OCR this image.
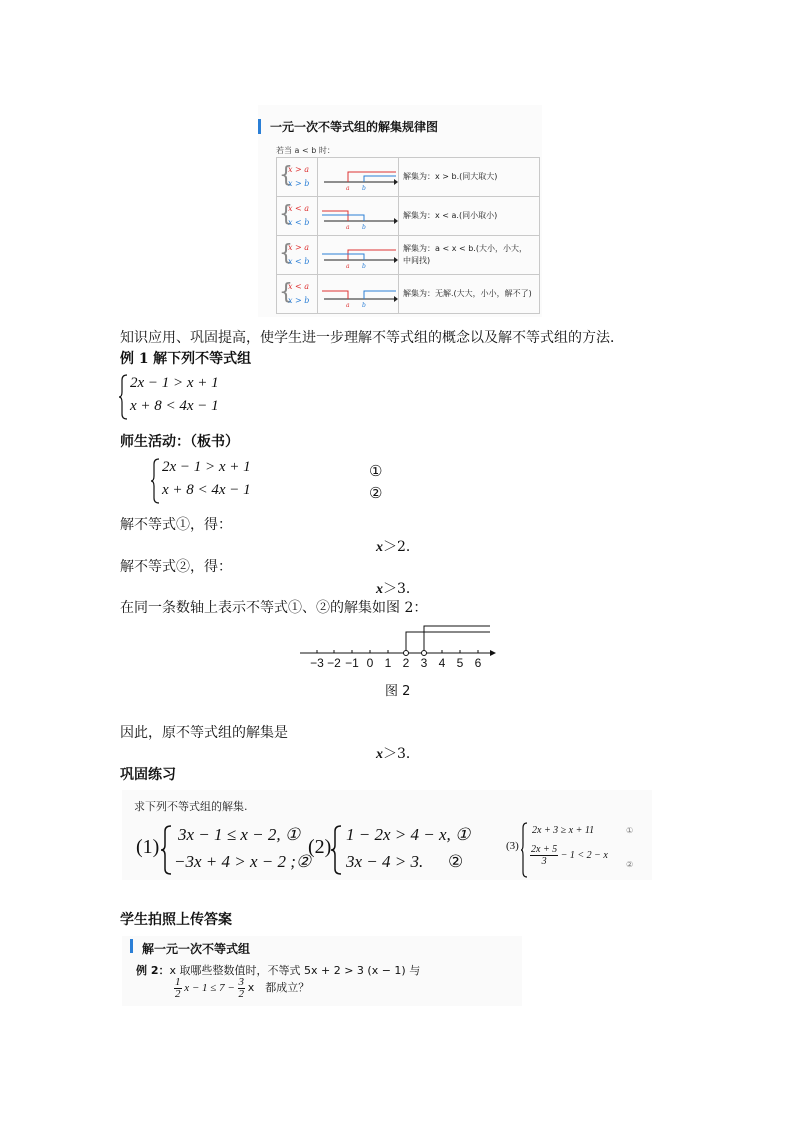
一元一次不等式组的解集规律图
若当 a < b 时：
{
x > a
x > b	a b	解集为：x > b.(同大取大)

{
x < a
x < b	a b	解集为：x < a.(同小取小)

{
x > a
x < b	a b	解集为：a < x < b.(大小，小大，
中间找)

{
x < a
x > b	a b	解集为：无解.(大大，小小，解不了)
知识应用、巩固提高，使学生进一步理解不等式组的概念以及解不等式组的方法．
例 1 解下列不等式组
2x − 1 > x + 1
x + 8 < 4x − 1
师生活动：（板书）
2x − 1 > x + 1
x + 8 < 4x − 1
①
②
解不等式①，得：
x＞2．
解不等式②，得：
x＞3．
在同一条数轴上表示不等式①、②的解集如图 2：
−3 −2 −1 0 1 2 3 4 5 6
图 2
因此，原不等式组的解集是
x＞3．
巩固练习
求下列不等式组的解集.
(1)
3x − 1 ≤ x − 2, ①
−3x + 4 > x − 2 ;②
(2)
1 − 2x > 4 − x, ①
3x − 4 > 3. ②
(3)
2x + 3 ≥ x + 11
$\frac{2x + 5}{3} - 1 < 2 - x$
①
②
学生拍照上传答案
解一元一次不等式组
例 2：x 取哪些整数值时，不等式 5x + 2 > 3 (x − 1) 与
$\frac{1}{2}$ $x - 1 \le 7 - \frac{3}{2}$ x　都成立？
